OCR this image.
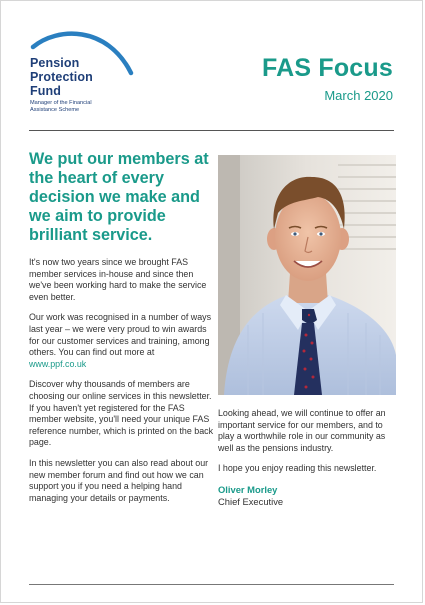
Pension
Protection
Fund
Manager of the Financial
Assistance Scheme
FAS Focus
March 2020
We put our members at the heart of every decision we make and we aim to provide brilliant service.

It's now two years since we brought FAS member services in-house and since then we've been working hard to make the service even better.

Our work was recognised in a number of ways last year – we were very proud to win awards for our customer services and training, among others. You can find out more at www.ppf.co.uk

Discover why thousands of members are choosing our online services in this newsletter. If you haven't yet registered for the FAS member website, you'll need your unique FAS reference number, which is printed on the back page.

In this newsletter you can also read about our new member forum and find out how we can support you if you need a helping hand managing your details or payments.

Looking ahead, we will continue to offer an important service for our members, and to play a worthwhile role in our community as well as the pensions industry.

I hope you enjoy reading this newsletter.

Oliver Morley

Chief Executive
